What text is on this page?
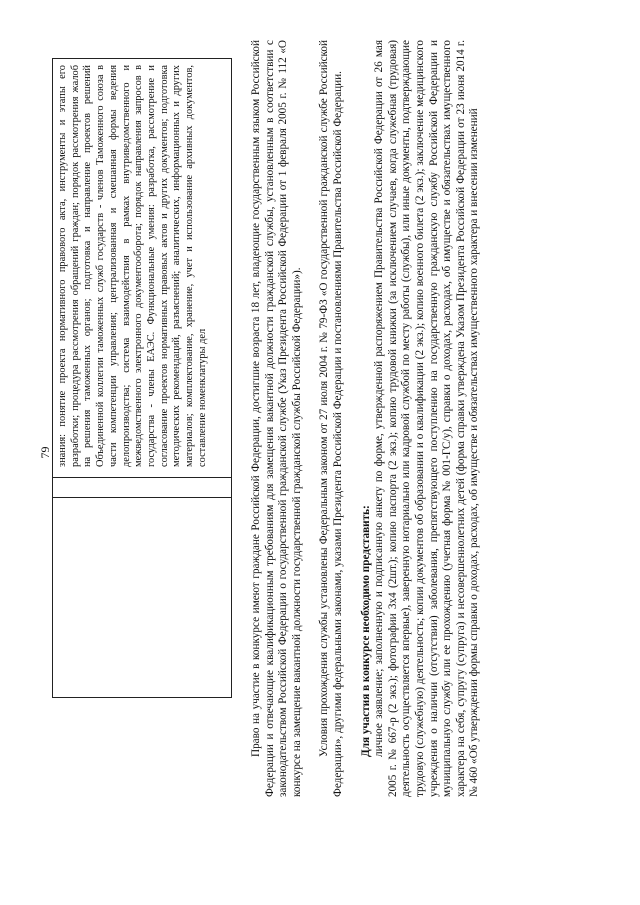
79 знания: понятие проекта нормативного правового акта, инструменты и этапы его разработки; процедура рассмотрения обращений граждан; порядок рассмотрения жалоб на решения таможенных органов; подготовка и направление проектов решений Объединенной коллегии таможенных служб государств - членов Таможенного союза в части компетенции управления; централизованная и смешанная формы ведения делопроизводства; система взаимодействия в рамках внутриведомственного и межведомственного электронного документооборота; порядок направления запросов в государства - члены ЕАЭС. Функциональные умения: разработка, рассмотрение и согласование проектов нормативных правовых актов и других документов; подготовка методических рекомендаций, разъяснений; аналитических, информационных и других материалов; комплектование, хранение, учет и использование архивных документов, составление номенклатуры дел	Право на участие в конкурсе имеют граждане Российской Федерации, достигшие возраста 18 лет, владеющие государственным языком Российской Федерации и отвечающие квалификационным требованиям для замещения вакантной должности гражданской службы, установленным в соответствии с законодательством Российской Федерации о государственной гражданской службе (Указ Президента Российской Федерации от 1 февраля 2005 г. № 112 «О конкурсе на замещение вакантной должности государственной гражданской службы Российской Федерации»). Условия прохождения службы установлены Федеральным законом от 27 июля 2004 г. № 79-ФЗ «О государственной гражданской службе Российской Федерации», другими федеральными законами, указами Президента Российской Федерации и постановлениями Правительства Российской Федерации. Для участия в конкурсе необходимо представить: личное заявление; заполненную и подписанную анкету по форме, утвержденной распоряжением Правительства Российской Федерации от 26 мая 2005 г. № 667-р (2 экз.); фотографии 3х4 (2шт.); копию паспорта (2 экз.); копию трудовой книжки (за исключением случаев, когда служебная (трудовая) деятельность осуществляется впервые), заверенную нотариально или кадровой службой по месту работы (службы), или иные документы, подтверждающие трудовую (служебную) деятельность; копии документов об образовании и о квалификации (2 экз.); копию военного билета (2 экз.); заключение медицинского учреждения о наличии (отсутствии) заболевания, препятствующего поступлению на государственную гражданскую службу Российской Федерации и муниципальную службу или ее прохождению (учетная форма № 001-ГС/у), справки о доходах, расходах, об имуществе и обязательствах имущественного характера на себя, супругу (супруга) и несовершеннолетних детей (форма справки утверждена Указом Президента Российской Федерации от 23 июня 2014 г. № 460 «Об утверждении формы справки о доходах, расходах, об имуществе и обязательствах имущественного характера и внесении изменений
